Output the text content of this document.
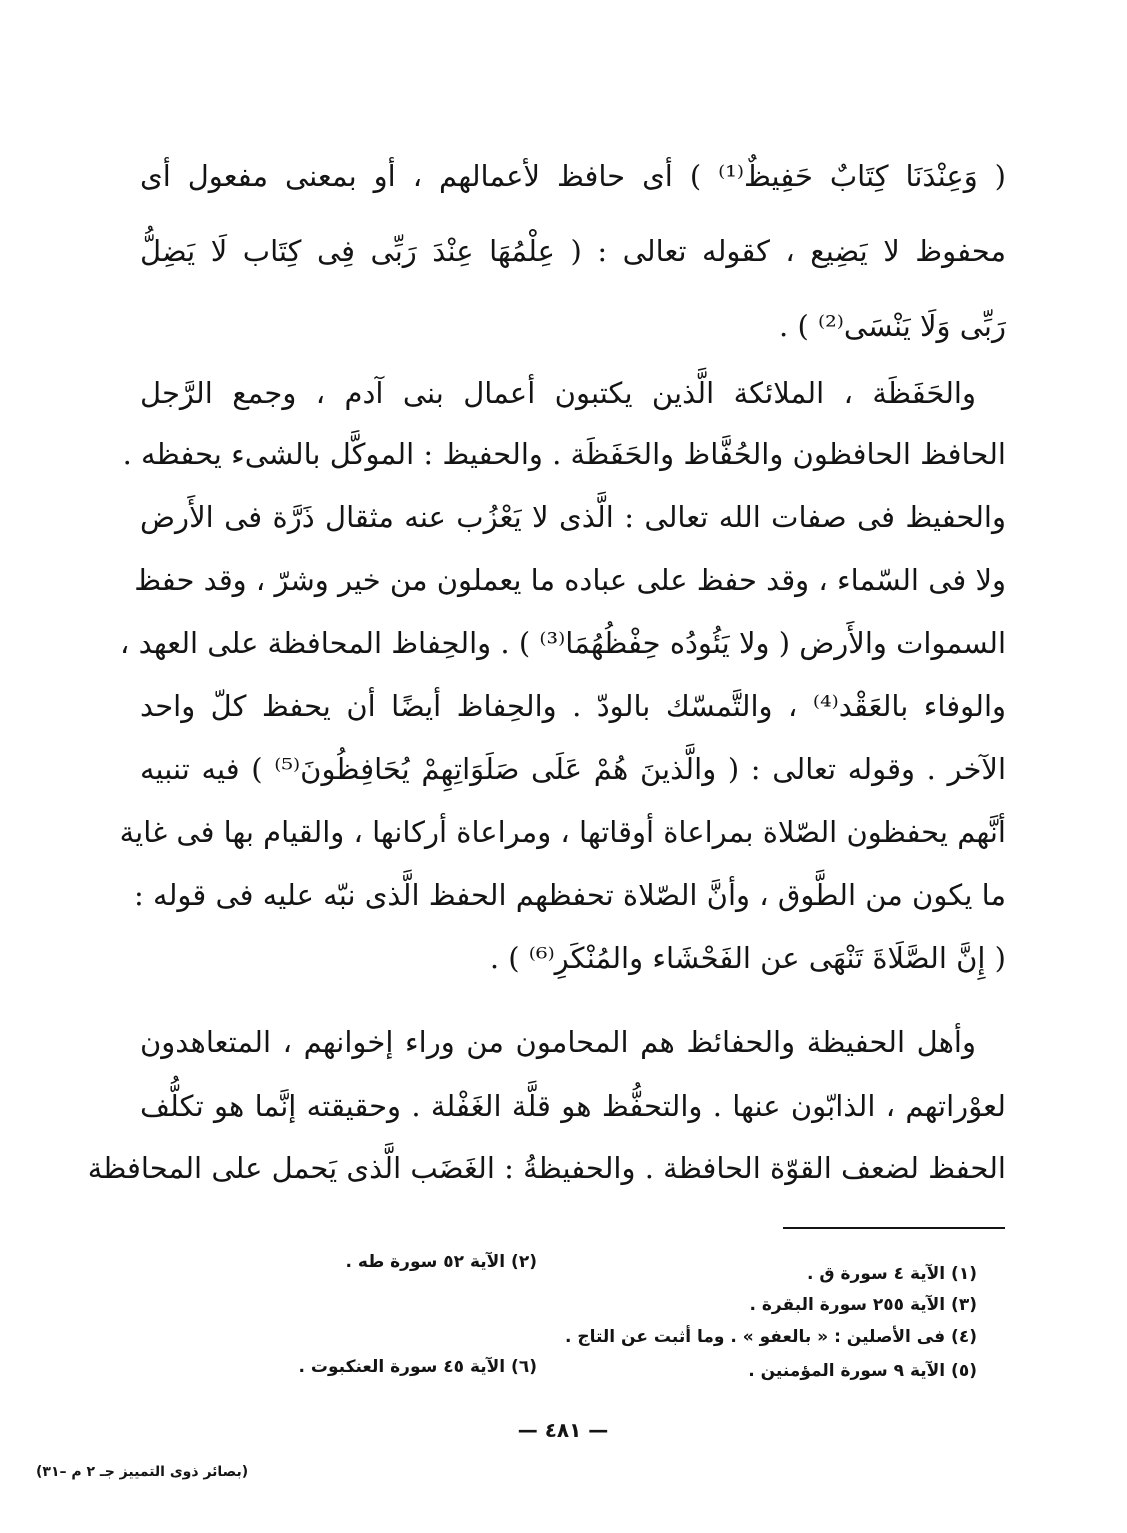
( وَعِنْدَنَا كِتَابٌ حَفِيظٌ⁽¹⁾ ) أى حافظ لأعمالهم ، أو بمعنى مفعول أى
محفوظ لا يَضِيع ، كقوله تعالى : ( عِلْمُهَا عِنْدَ رَبِّى فِى كِتَاب لَا يَضِلُّ
رَبِّى وَلَا يَنْسَى⁽²⁾ ) .
والحَفَظَة ، الملائكة الَّذين يكتبون أعمال بنى آدم ، وجمع الرَّجل
الحافظ الحافظون والحُفَّاظ والحَفَظَة . والحفيظ : الموكَّل بالشىء يحفظه .
والحفيظ فى صفات الله تعالى : الَّذى لا يَعْزُب عنه مثقال ذَرَّة فى الأَرض
ولا فى السّماء ، وقد حفظ على عباده ما يعملون من خير وشرّ ، وقد حفظ
السموات والأَرض ( ولا يَئُودُه حِفْظُهُمَا⁽³⁾ ) . والحِفاظ المحافظة على العهد ،
والوفاء بالعَقْد⁽⁴⁾ ، والتَّمسّك بالودّ . والحِفاظ أيضًا أن يحفظ كلّ واحد
الآخر . وقوله تعالى : ( والَّذينَ هُمْ عَلَى صَلَوَاتِهِمْ يُحَافِظُونَ⁽⁵⁾ ) فيه تنبيه
أنَّهم يحفظون الصّلاة بمراعاة أوقاتها ، ومراعاة أركانها ، والقيام بها فى غاية
ما يكون من الطَّوق ، وأنَّ الصّلاة تحفظهم الحفظ الَّذى نبّه عليه فى قوله :
( إِنَّ الصَّلَاةَ تَنْهَى عن الفَحْشَاء والمُنْكَرِ⁽⁶⁾ ) .
وأهل الحفيظة والحفائظ هم المحامون من وراء إخوانهم ، المتعاهدون
لعوْراتهم ، الذابّون عنها . والتحفُّظ هو قلَّة الغَفْلة . وحقيقته إنَّما هو تكلُّف
الحفظ لضعف القوّة الحافظة . والحفيظةُ : الغَضَب الَّذى يَحمل على المحافظة
(١) الآية ٤ سورة ق .
(٢) الآية ٥٢ سورة طه .
(٣) الآية ٢٥٥ سورة البقرة .
(٤) فى الأصلين : « بالعفو » . وما أثبت عن التاج .
(٥) الآية ٩ سورة المؤمنين .
(٦) الآية ٤٥ سورة العنكبوت .
— ٤٨١ —
(بصائر ذوى التمييز جـ ٢ م –٣١)
